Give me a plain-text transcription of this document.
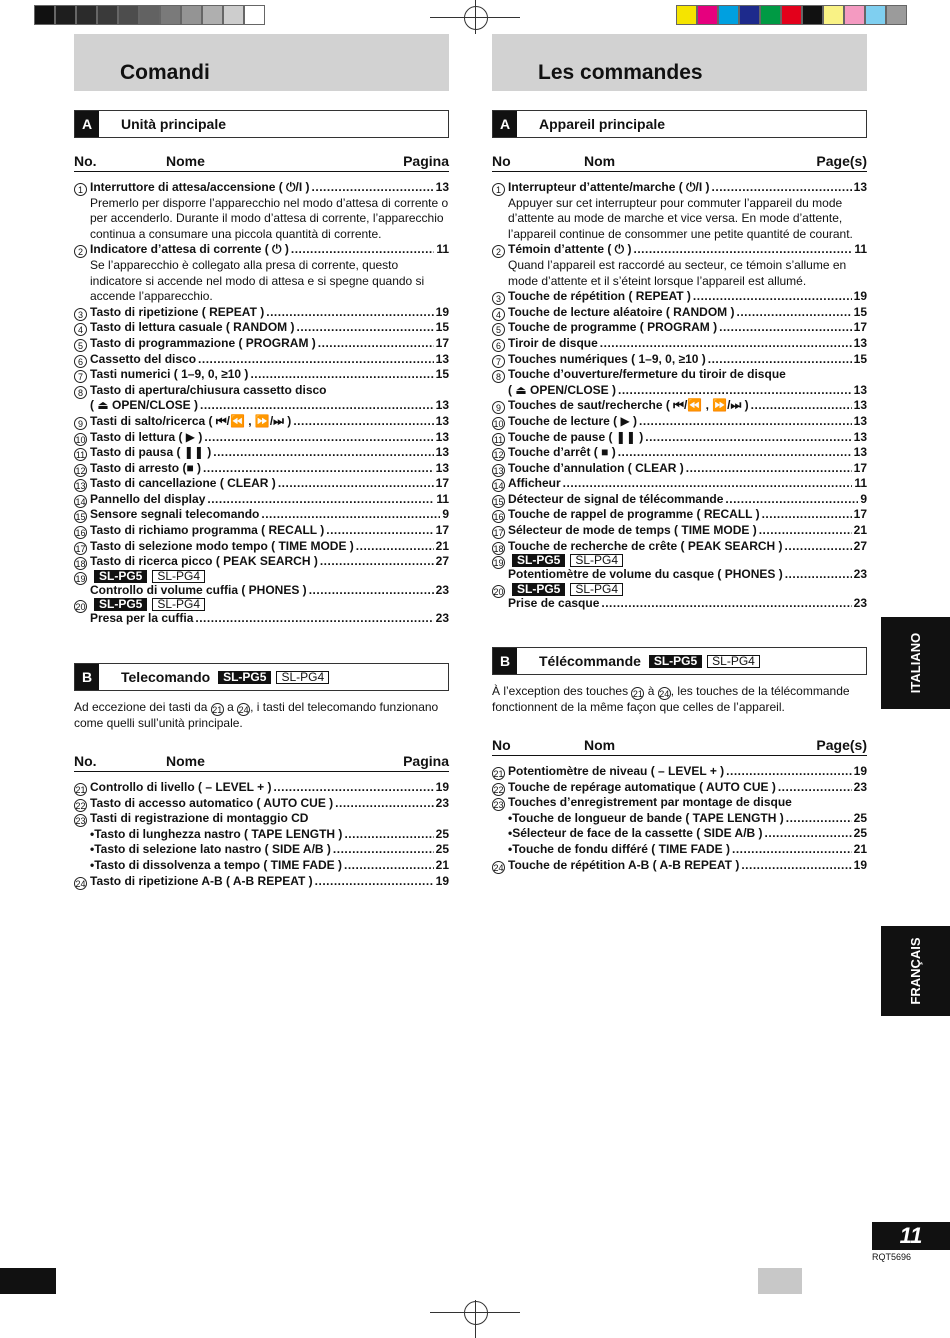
Comandi
A	Unità principale
No.	Nome	Pagina
1 Interruttore di attesa/accensione ( ⏻/I ) .....	13
Premerlo per disporre l’apparecchio nel modo d’attesa di corrente o per accenderlo. Durante il modo d’attesa di corrente, l’apparecchio continua a consumare una piccola quantità di corrente.
2 Indicatore d’attesa di corrente ( ⏻ ) .....	11
Se l’apparecchio è collegato alla presa di corrente, questo indicatore si accende nel modo di attesa e si spegne quando si accende l’apparecchio.
3 Tasto di ripetizione ( REPEAT ) .....	19
4 Tasto di lettura casuale ( RANDOM ) .....	15
5 Tasto di programmazione ( PROGRAM ) .....	17
6 Cassetto del disco .....	13
7 Tasti numerici ( 1–9, 0, ≥10 ) .....	15
8 Tasto di apertura/chiusura cassetto disco
( ⏏ OPEN/CLOSE ) .....	13
9 Tasti di salto/ricerca ( ⏮/⏪ , ⏩/⏭ ) .....	13
10 Tasto di lettura ( ▶ ) .....	13
11 Tasto di pausa ( ❚❚ ) .....	13
12 Tasto di arresto (■ ) .....	13
13 Tasto di cancellazione ( CLEAR ) .....	17
14 Pannello del display .....	11
15 Sensore segnali telecomando .....	9
16 Tasto di richiamo programma ( RECALL ) .....	17
17 Tasto di selezione modo tempo ( TIME MODE ) .....	21
18 Tasto di ricerca picco ( PEAK SEARCH ) .....	27
19	SL-PG5	SL-PG4
Controllo di volume cuffia ( PHONES ) .....	23
20	SL-PG5	SL-PG4
Presa per la cuffia .....	23
B	Telecomando SL-PG5 SL-PG4
Ad eccezione dei tasti da 21 a 24 , i tasti del telecomando funzionano come quelli sull’unità principale.
No.	Nome	Pagina
21 Controllo di livello ( – LEVEL + ) .....	19
22 Tasto di accesso automatico ( AUTO CUE ) .....	23
23 Tasti di registrazione di montaggio CD
• Tasto di lunghezza nastro ( TAPE LENGTH ) .....	25
• Tasto di selezione lato nastro ( SIDE A/B ) .....	25
• Tasto di dissolvenza a tempo ( TIME FADE ) .....	21
24 Tasto di ripetizione A-B ( A-B REPEAT ) .....	19
Les commandes
A	Appareil principale
No	Nom	Page(s)
1 Interrupteur d’attente/marche ( ⏻/I ) .....	13
Appuyer sur cet interrupteur pour commuter l’appareil du mode d’attente au mode de marche et vice versa. En mode d’attente, l’appareil continue de consommer une petite quantité de courant.
2 Témoin d’attente ( ⏻ ) .....	11
Quand l’appareil est raccordé au secteur, ce témoin s’allume en mode d’attente et il s’éteint lorsque l’appareil est allumé.
3 Touche de répétition ( REPEAT ) .....	19
4 Touche de lecture aléatoire ( RANDOM ) .....	15
5 Touche de programme ( PROGRAM ) .....	17
6 Tiroir de disque .....	13
7 Touches numériques ( 1–9, 0, ≥10 ) .....	15
8 Touche d’ouverture/fermeture du tiroir de disque
( ⏏ OPEN/CLOSE ) .....	13
9 Touches de saut/recherche ( ⏮/⏪ , ⏩/⏭ ) .....	13
10 Touche de lecture ( ▶ ) .....	13
11 Touche de pause ( ❚❚ ) .....	13
12 Touche d’arrêt ( ■ ) .....	13
13 Touche d’annulation ( CLEAR ) .....	17
14 Afficheur .....	11
15 Détecteur de signal de télécommande .....	9
16 Touche de rappel de programme ( RECALL ) .....	17
17 Sélecteur de mode de temps ( TIME MODE ) .....	21
18 Touche de recherche de crête ( PEAK SEARCH ) .....	27
19	SL-PG5	SL-PG4
Potentiomètre de volume du casque ( PHONES ) .....	23
20	SL-PG5	SL-PG4
Prise de casque .....	23
B	Télécommande SL-PG5 SL-PG4
À l’exception des touches 21 à 24 , les touches de la télécommande fonctionnent de la même façon que celles de l’appareil.
No	Nom	Page(s)
21 Potentiomètre de niveau ( – LEVEL + ) .....	19
22 Touche de repérage automatique ( AUTO CUE ) .....	23
23 Touches d’enregistrement par montage de disque
• Touche de longueur de bande ( TAPE LENGTH ) .....	25
• Sélecteur de face de la cassette ( SIDE A/B ) .....	25
• Touche de fondu différé ( TIME FADE ) .....	21
24 Touche de répétition A-B ( A-B REPEAT ) .....	19
ITALIANO
FRANÇAIS
11
RQT5696
